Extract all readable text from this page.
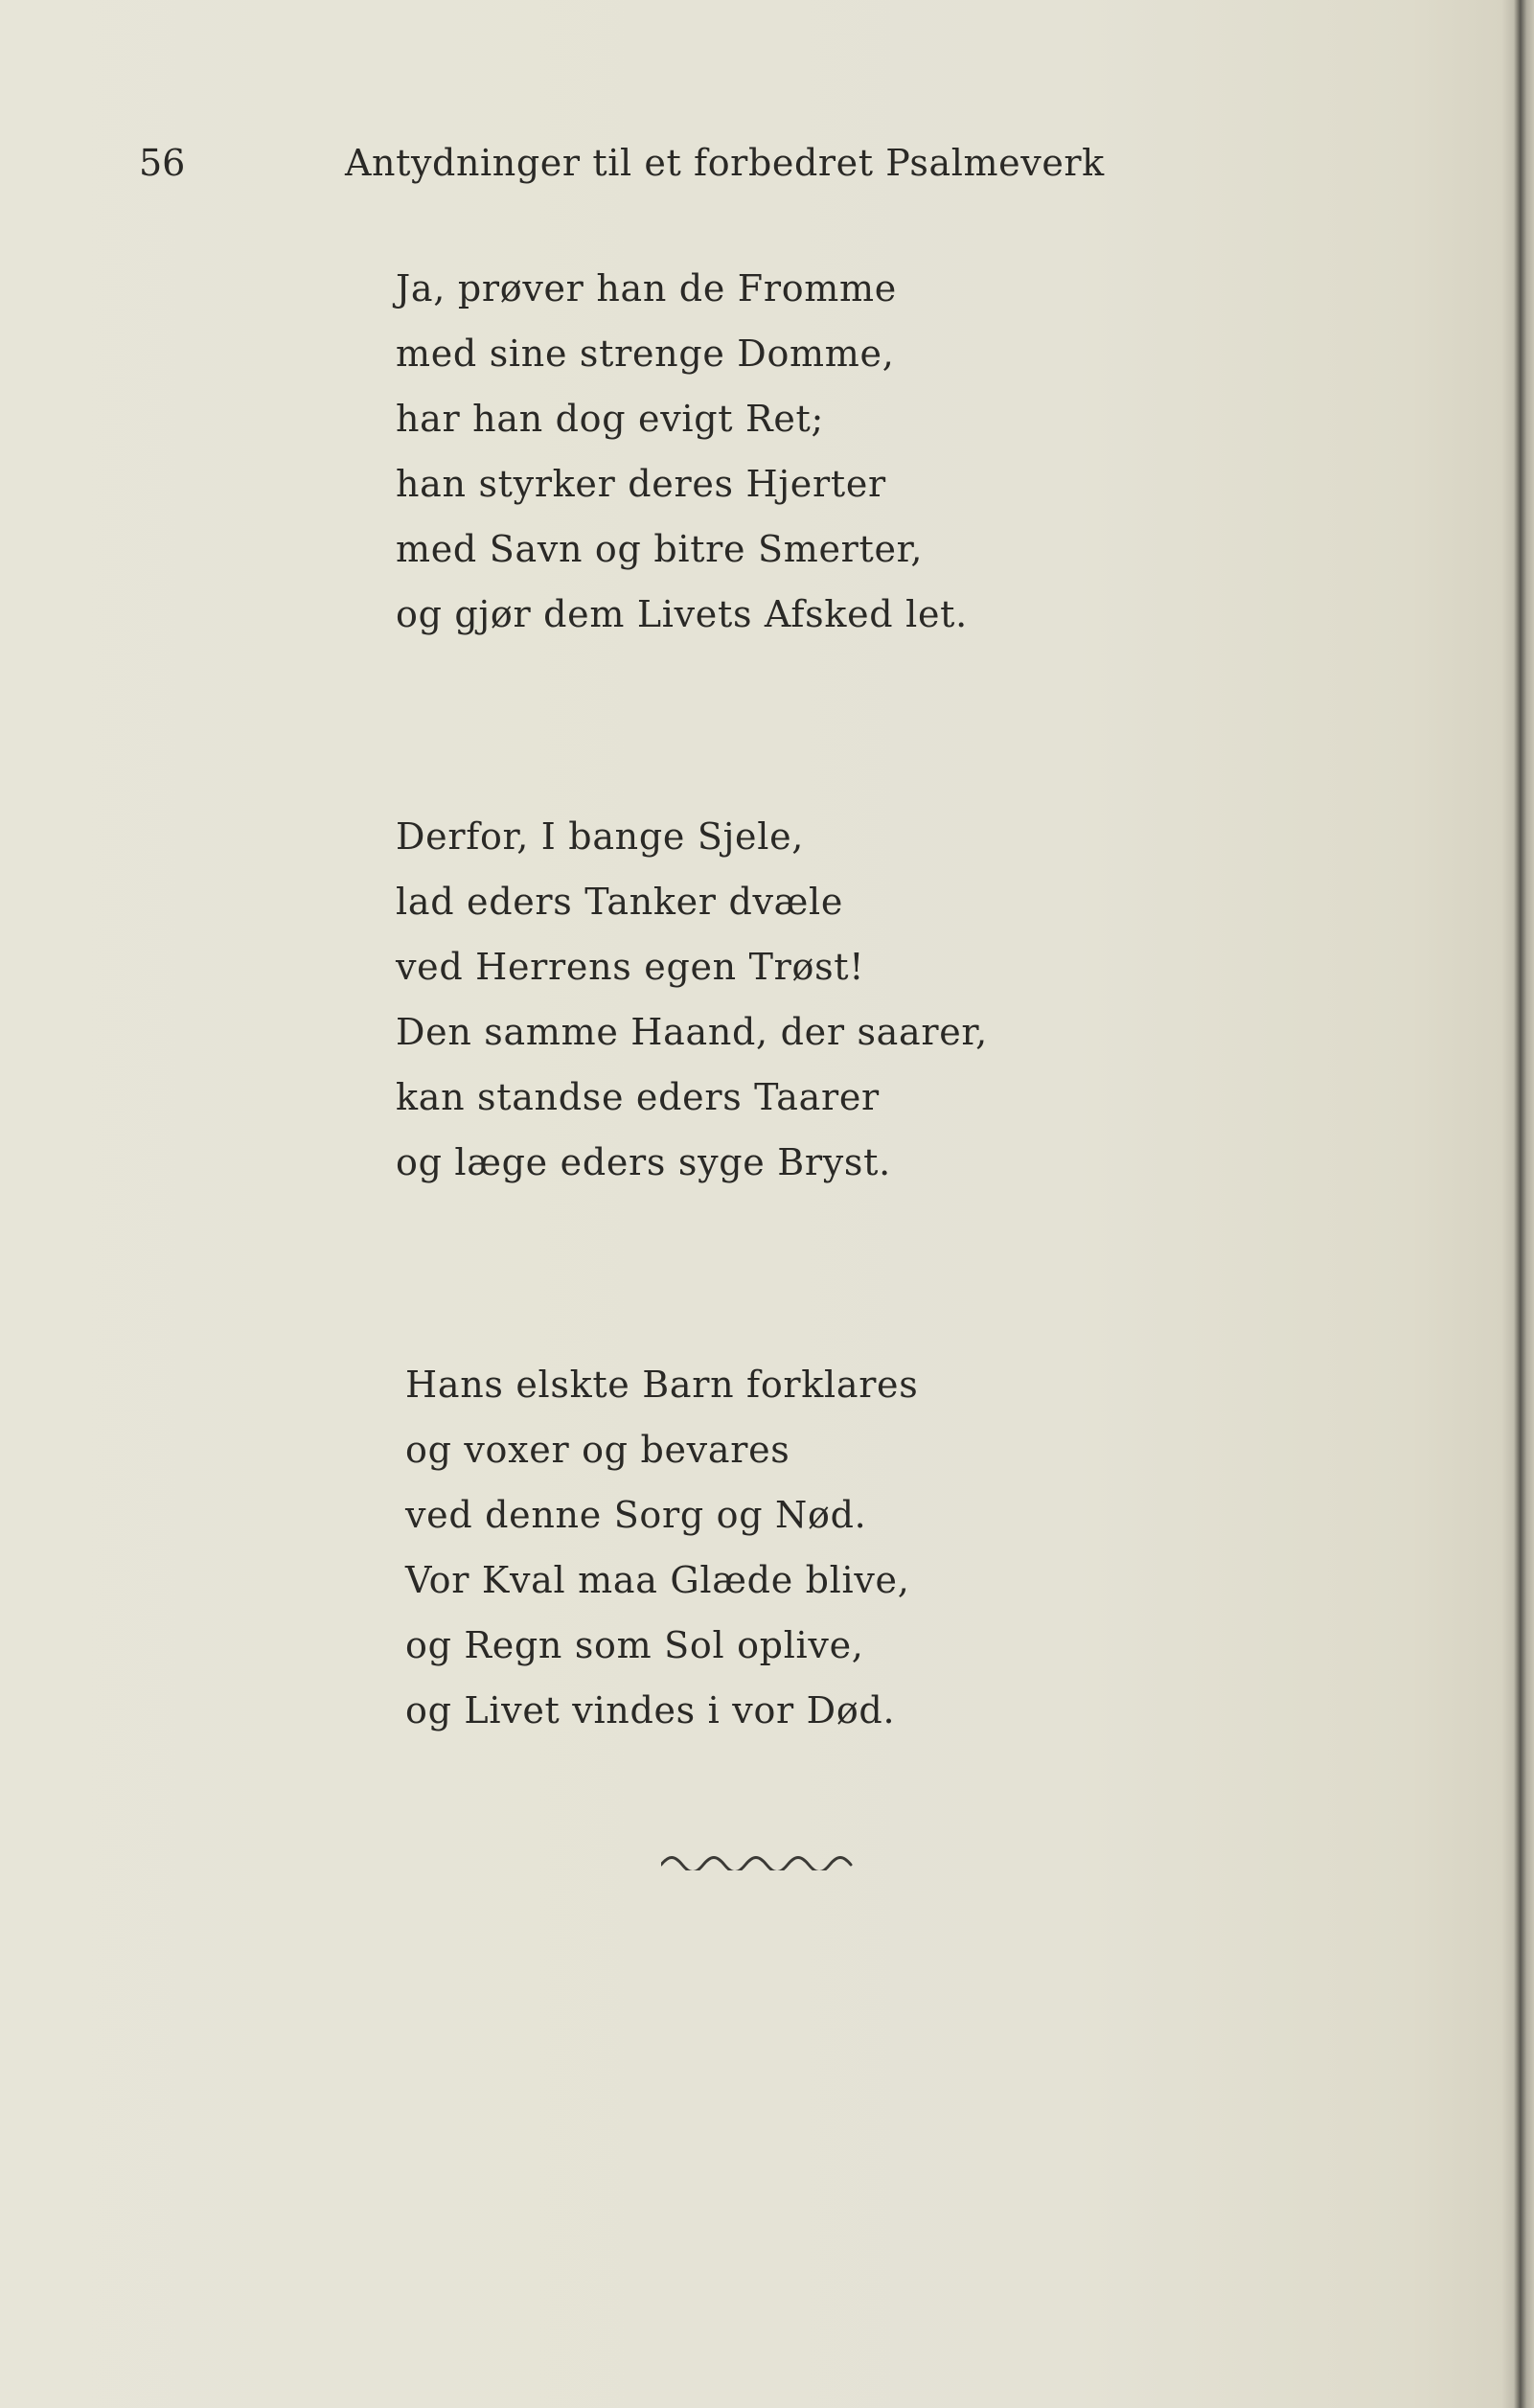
56	Antydninger til et forbedret Psalmeverk
Ja, prøver han de Fromme
med sine strenge Domme,
har han dog evigt Ret;
han styrker deres Hjerter
med Savn og bitre Smerter,
og gjør dem Livets Afsked let.
Derfor, I bange Sjele,
lad eders Tanker dvæle
ved Herrens egen Trøst!
Den samme Haand, der saarer,
kan standse eders Taarer
og læge eders syge Bryst.
Hans elskte Barn forklares
og voxer og bevares
ved denne Sorg og Nød.
Vor Kval maa Glæde blive,
og Regn som Sol oplive,
og Livet vindes i vor Død.
